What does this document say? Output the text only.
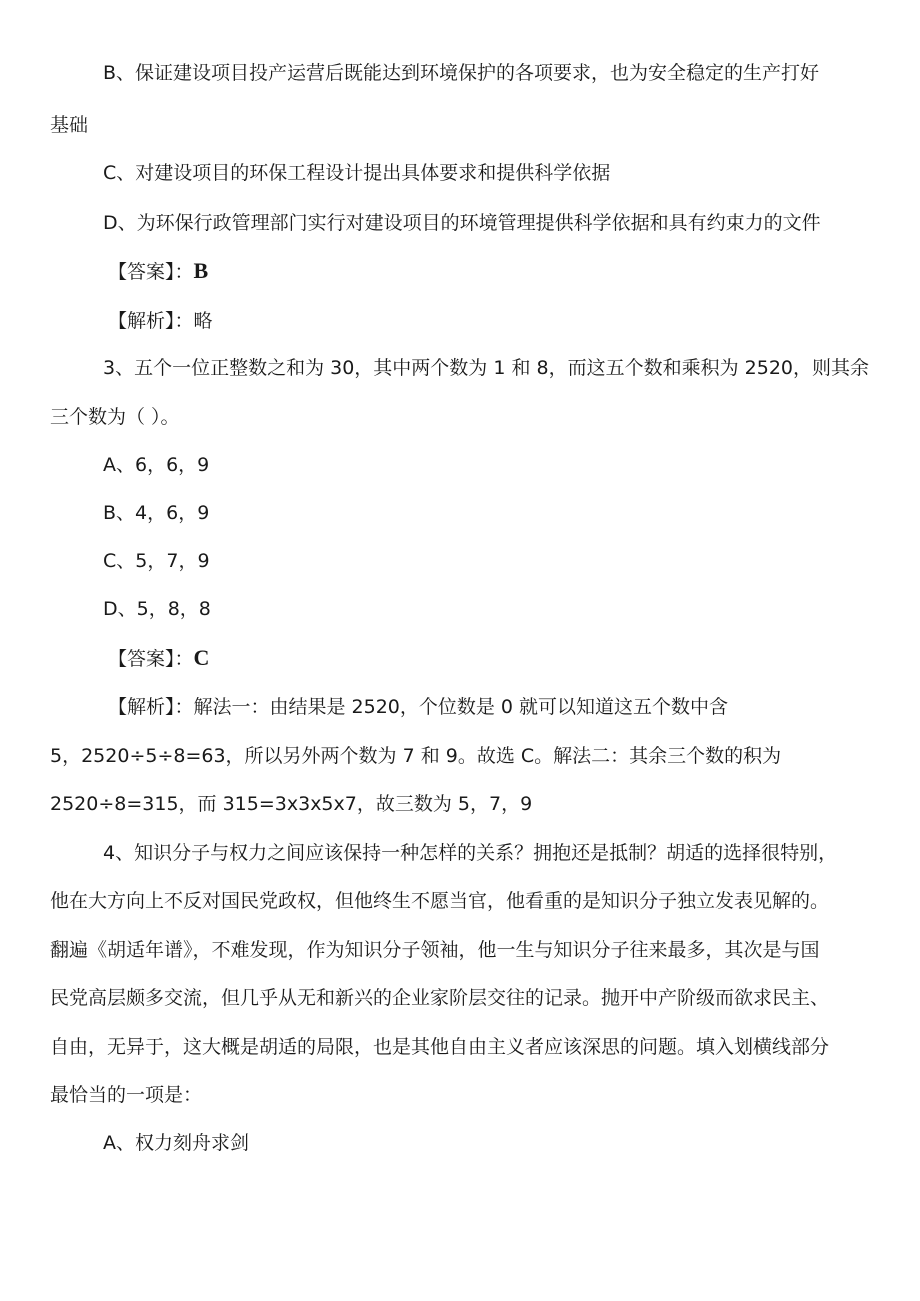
B、保证建设项目投产运营后既能达到环境保护的各项要求，也为安全稳定的生产打好
基础
C、对建设项目的环保工程设计提出具体要求和提供科学依据
D、为环保行政管理部门实行对建设项目的环境管理提供科学依据和具有约束力的文件
【答案】：B
【解析】：略
3、五个一位正整数之和为 30，其中两个数为 1 和 8，而这五个数和乘积为 2520，则其余
三个数为（ ）。
A、6，6，9
B、4，6，9
C、5，7，9
D、5，8，8
【答案】：C
【解析】：解法一：由结果是 2520，个位数是 0 就可以知道这五个数中含
5，2520÷5÷8=63，所以另外两个数为 7 和 9。故选 C。解法二：其余三个数的积为
2520÷8=315，而 315=3x3x5x7，故三数为 5，7，9
4、知识分子与权力之间应该保持一种怎样的关系？拥抱还是抵制？胡适的选择很特别，
他在大方向上不反对国民党政权，但他终生不愿当官，他看重的是知识分子独立发表见解的。
翻遍《胡适年谱》，不难发现，作为知识分子领袖，他一生与知识分子往来最多，其次是与国
民党高层颇多交流，但几乎从无和新兴的企业家阶层交往的记录。抛开中产阶级而欲求民主、
自由，无异于，这大概是胡适的局限，也是其他自由主义者应该深思的问题。填入划横线部分
最恰当的一项是：
A、权力刻舟求剑
